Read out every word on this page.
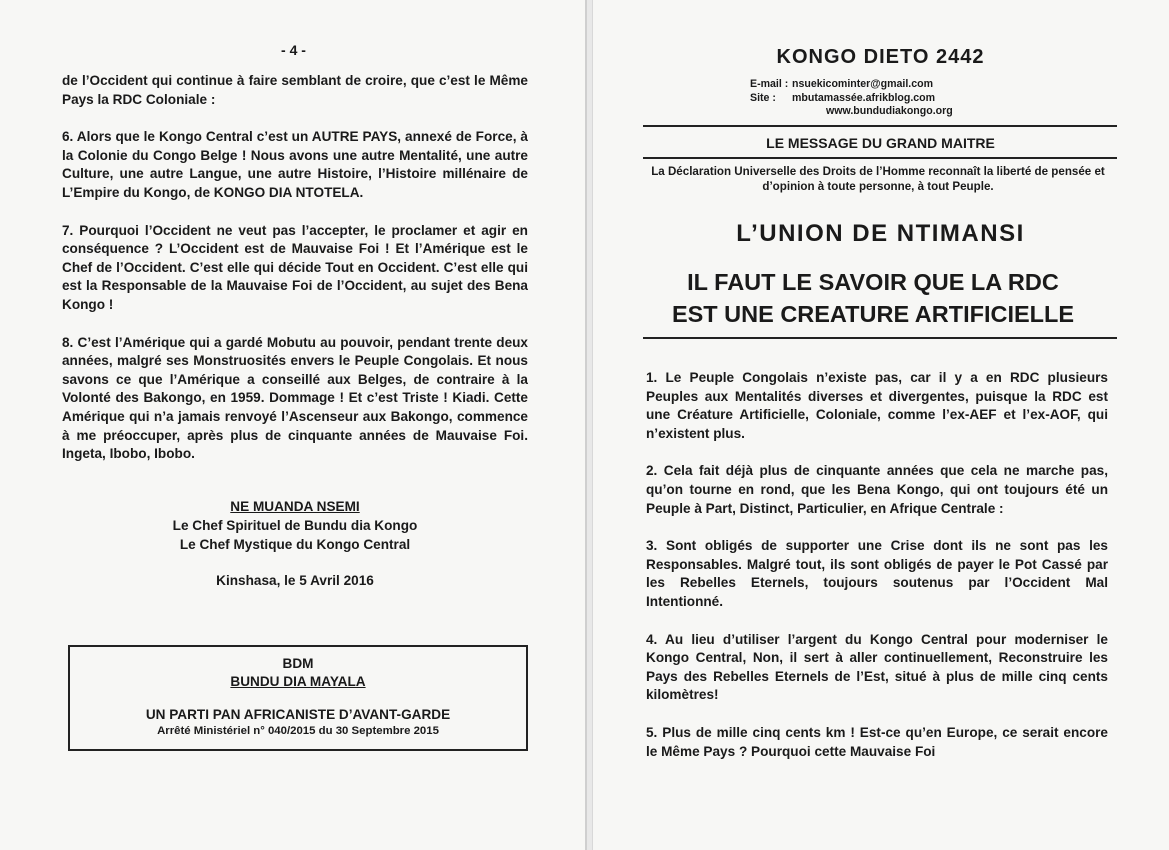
- 4 -

de l’Occident qui continue à faire semblant de croire, que c’est le Même Pays la RDC Coloniale :

6. Alors que le Kongo Central c’est un AUTRE PAYS, annexé de Force, à la Colonie du Congo Belge ! Nous avons une autre Mentalité, une autre Culture, une autre Langue, une autre Histoire, l’Histoire millénaire de L’Empire du Kongo, de KONGO DIA NTOTELA.

7. Pourquoi l’Occident ne veut pas l’accepter, le proclamer et agir en conséquence ? L’Occident est de Mauvaise Foi ! Et l’Amérique est le Chef de l’Occident. C’est elle qui décide Tout en Occident. C’est elle qui est la Responsable de la Mauvaise Foi de l’Occident, au sujet des Bena Kongo !

8. C’est l’Amérique qui a gardé Mobutu au pouvoir, pendant trente deux années, malgré ses Monstruosités envers le Peuple Congolais. Et nous savons ce que l’Amérique a conseillé aux Belges, de contraire à la Volonté des Bakongo, en 1959. Dommage ! Et c’est Triste ! Kiadi. Cette Amérique qui n’a jamais renvoyé l’Ascenseur aux Bakongo, commence à me préoccuper, après plus de cinquante années de Mauvaise Foi. Ingeta, Ibobo, Ibobo.

NE MUANDA NSEMI
Le Chef Spirituel de Bundu dia Kongo
Le Chef Mystique du Kongo Central
Kinshasa, le 5 Avril 2016
BDM
BUNDU DIA MAYALA
UN PARTI PAN AFRICANISTE D’AVANT-GARDE
Arrêté Ministériel n° 040/2015 du 30 Septembre 2015
KONGO DIETO 2442
E-mail : nsuekicominter@gmail.com
Site : mbutamassée.afrikblog.com
www.bundudiakongo.org
LE MESSAGE DU GRAND MAITRE
La Déclaration Universelle des Droits de l’Homme reconnaît la liberté de pensée et d’opinion à toute personne, à tout Peuple.
L’UNION DE NTIMANSI
IL FAUT LE SAVOIR QUE LA RDC
EST UNE CREATURE ARTIFICIELLE

1. Le Peuple Congolais n’existe pas, car il y a en RDC plusieurs Peuples aux Mentalités diverses et divergentes, puisque la RDC est une Créature Artificielle, Coloniale, comme l’ex-AEF et l’ex-AOF, qui n’existent plus.

2. Cela fait déjà plus de cinquante années que cela ne marche pas, qu’on tourne en rond, que les Bena Kongo, qui ont toujours été un Peuple à Part, Distinct, Particulier, en Afrique Centrale :

3. Sont obligés de supporter une Crise dont ils ne sont pas les Responsables. Malgré tout, ils sont obligés de payer le Pot Cassé par les Rebelles Eternels, toujours soutenus par l’Occident Mal Intentionné.

4. Au lieu d’utiliser l’argent du Kongo Central pour moderniser le Kongo Central, Non, il sert à aller continuellement, Reconstruire les Pays des Rebelles Eternels de l’Est, situé à plus de mille cinq cents kilomètres!

5. Plus de mille cinq cents km ! Est-ce qu’en Europe, ce serait encore le Même Pays ? Pourquoi cette Mauvaise Foi
